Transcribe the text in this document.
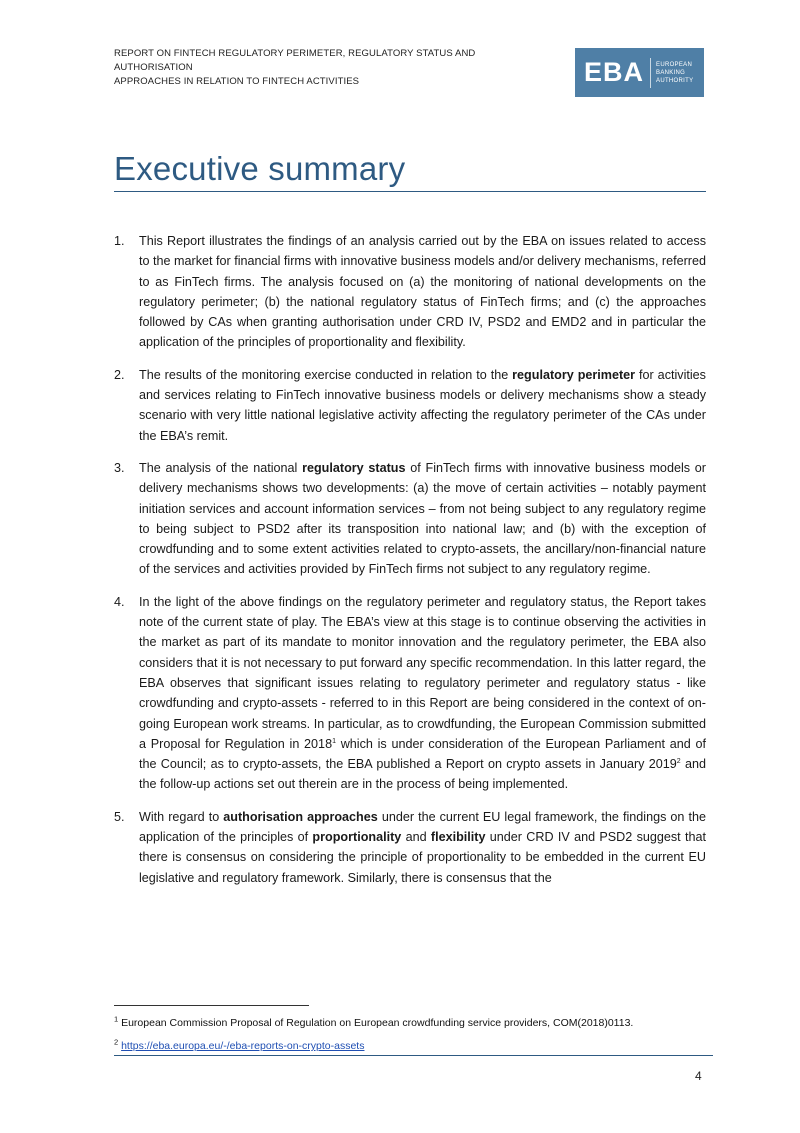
REPORT ON FINTECH REGULATORY PERIMETER, REGULATORY STATUS AND AUTHORISATION
APPROACHES IN RELATION TO FINTECH ACTIVITIES	EBA EUROPEAN
BANKING
AUTHORITY
Executive summary
1.	This Report illustrates the findings of an analysis carried out by the EBA on issues related to access to the market for financial firms with innovative business models and/or delivery mechanisms, referred to as FinTech firms. The analysis focused on (a) the monitoring of national developments on the regulatory perimeter; (b) the national regulatory status of FinTech firms; and (c) the approaches followed by CAs when granting authorisation under CRD IV, PSD2 and EMD2 and in particular the application of the principles of proportionality and flexibility.
2.	The results of the monitoring exercise conducted in relation to the regulatory perimeter for activities and services relating to FinTech innovative business models or delivery mechanisms show a steady scenario with very little national legislative activity affecting the regulatory perimeter of the CAs under the EBA’s remit.
3.	The analysis of the national regulatory status of FinTech firms with innovative business models or delivery mechanisms shows two developments: (a) the move of certain activities – notably payment initiation services and account information services – from not being subject to any regulatory regime to being subject to PSD2 after its transposition into national law; and (b) with the exception of crowdfunding and to some extent activities related to crypto-assets, the ancillary/non-financial nature of the services and activities provided by FinTech firms not subject to any regulatory regime.
4.	In the light of the above findings on the regulatory perimeter and regulatory status, the Report takes note of the current state of play. The EBA’s view at this stage is to continue observing the activities in the market as part of its mandate to monitor innovation and the regulatory perimeter, the EBA also considers that it is not necessary to put forward any specific recommendation. In this latter regard, the EBA observes that significant issues relating to regulatory perimeter and regulatory status - like crowdfunding and crypto-assets - referred to in this Report are being considered in the context of on-going European work streams. In particular, as to crowdfunding, the European Commission submitted a Proposal for Regulation in 2018$^1$ which is under consideration of the European Parliament and of the Council; as to crypto-assets, the EBA published a Report on crypto assets in January 2019$^2$ and the follow-up actions set out therein are in the process of being implemented.
5.	With regard to authorisation approaches under the current EU legal framework, the findings on the application of the principles of proportionality and flexibility under CRD IV and PSD2 suggest that there is consensus on considering the principle of proportionality to be embedded in the current EU legislative and regulatory framework. Similarly, there is consensus that the
$^1$ European Commission Proposal of Regulation on European crowdfunding service providers, COM(2018)0113.
$^2$ https://eba.europa.eu/-/eba-reports-on-crypto-assets
4
